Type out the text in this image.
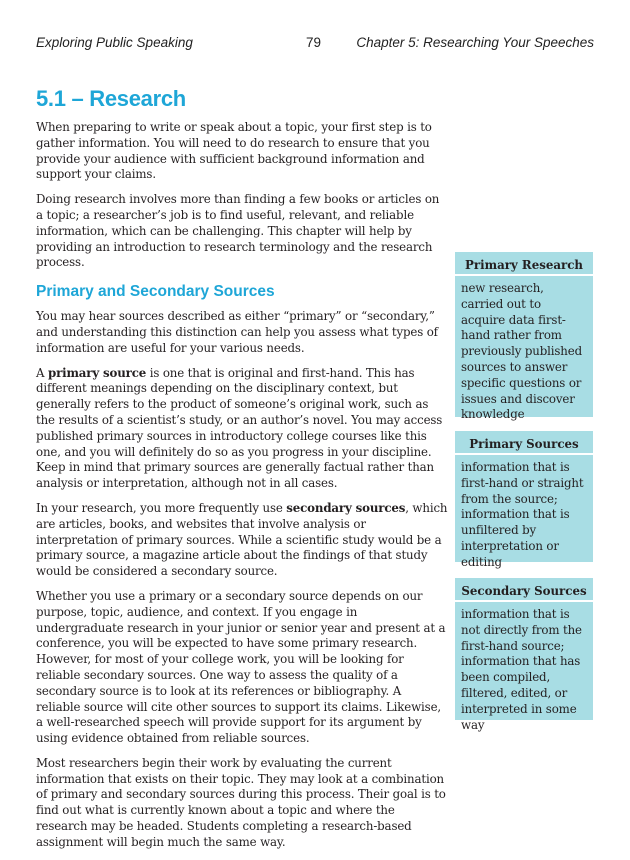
Exploring Public Speaking	79	Chapter 5: Researching Your Speeches
5.1 – Research

When preparing to write or speak about a topic, your first step is to gather information. You will need to do research to ensure that you provide your audience with sufficient background information and support your claims.

Doing research involves more than finding a few books or articles on a topic; a researcher’s job is to find useful, relevant, and reliable information, which can be challenging. This chapter will help by providing an introduction to research terminology and the research process.

Primary and Secondary Sources

You may hear sources described as either “primary” or “secondary,” and understanding this distinction can help you assess what types of information are useful for your various needs.

A primary source is one that is original and first-hand. This has different meanings depending on the disciplinary context, but generally refers to the product of someone’s original work, such as the results of a scientist’s study, or an author’s novel. You may access published primary sources in introductory college courses like this one, and you will definitely do so as you progress in your discipline. Keep in mind that primary sources are generally factual rather than analysis or interpretation, although not in all cases.

In your research, you more frequently use secondary sources, which are articles, books, and websites that involve analysis or interpretation of primary sources. While a scientific study would be a primary source, a magazine article about the findings of that study would be considered a secondary source.

Whether you use a primary or a secondary source depends on our purpose, topic, audience, and context. If you engage in undergraduate research in your junior or senior year and present at a conference, you will be expected to have some primary research. However, for most of your college work, you will be looking for reliable secondary sources. One way to assess the quality of a secondary source is to look at its references or bibliography. A reliable source will cite other sources to support its claims. Likewise, a well-researched speech will provide support for its argument by using evidence obtained from reliable sources.

Most researchers begin their work by evaluating the current information that exists on their topic. They may look at a combination of primary and secondary sources during this process. Their goal is to find out what is currently known about a topic and where the research may be headed. Students completing a research-based assignment will begin much the same way.

Primary Research
new research, carried out to acquire data first-hand rather from previously published sources to answer specific questions or issues and discover knowledge
Primary Sources
information that is first-hand or straight from the source; information that is unfiltered by interpretation or editing
Secondary Sources
information that is not directly from the first-hand source; information that has been compiled, filtered, edited, or interpreted in some way
